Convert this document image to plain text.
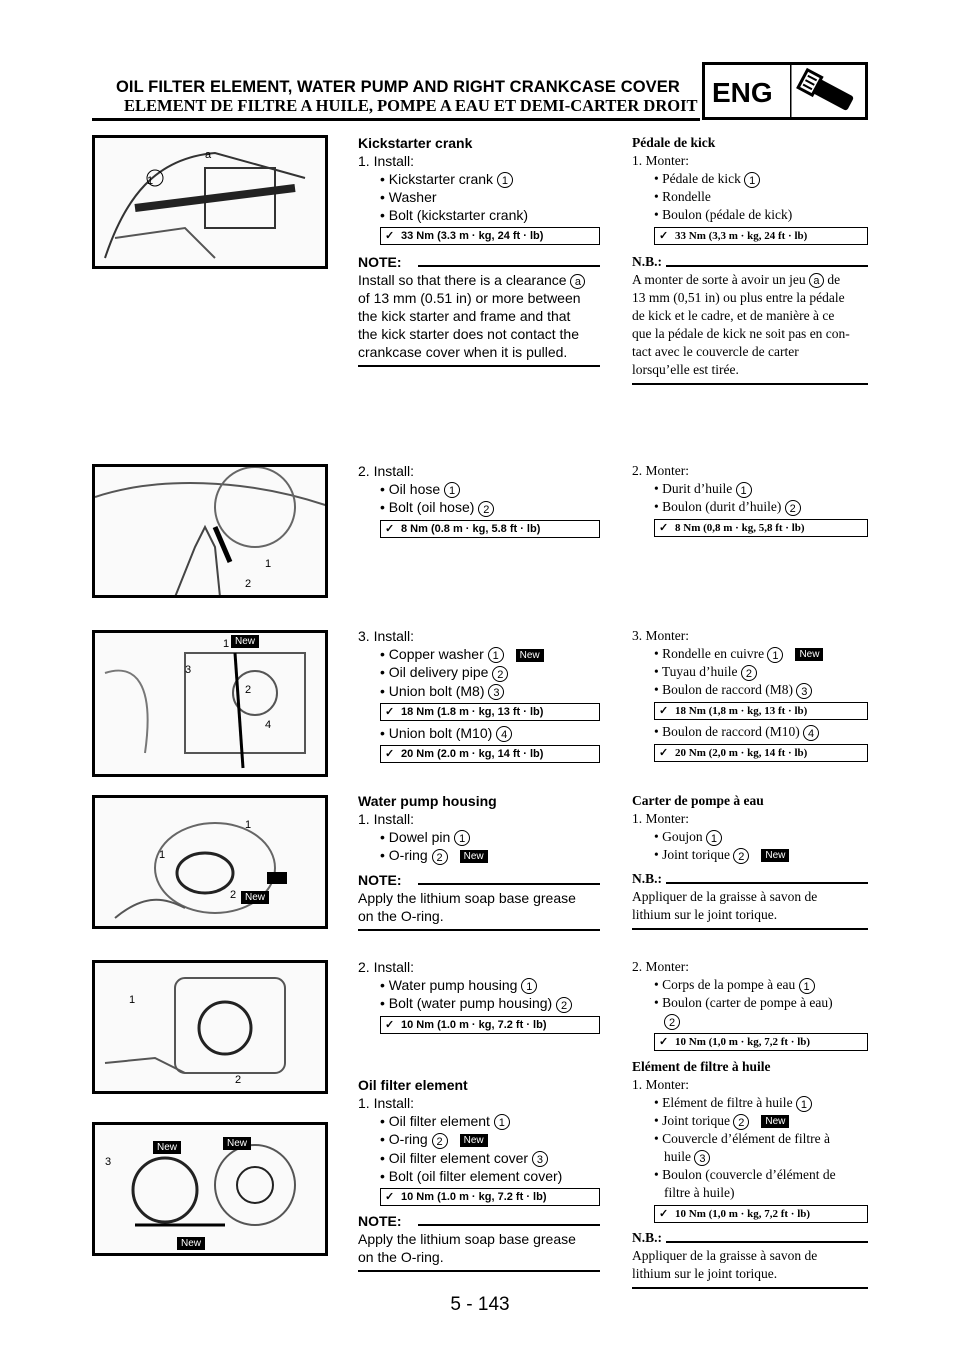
OIL FILTER ELEMENT, WATER PUMP AND RIGHT CRANKCASE COVER
ELEMENT DE FILTRE A HUILE, POMPE A EAU ET DEMI-CARTER DROIT ENG
1
a
1
2
3
2
4
1 New
1
1
2 New
1
2
3
New	New
New
Kickstarter crank
1. Install:
• Kickstarter crank 1
• Washer
• Bolt (kickstarter crank)
✓ 33 Nm (3.3 m · kg, 24 ft · lb)
NOTE:
Install so that there is a clearance a
of 13 mm (0.51 in) or more between
the kick starter and frame and that
the kick starter does not contact the
crankcase cover when it is pulled.
Pédale de kick
1. Monter:
• Pédale de kick 1
• Rondelle
• Boulon (pédale de kick)
✓ 33 Nm (3,3 m · kg, 24 ft · lb)
N.B.:
A monter de sorte à avoir un jeu a de
13 mm (0,51 in) ou plus entre la pédale
de kick et le cadre, et de manière à ce
que la pédale de kick ne soit pas en con-
tact avec le couvercle de carter
lorsqu’elle est tirée.
2. Install:
• Oil hose 1
• Bolt (oil hose) 2
✓ 8 Nm (0.8 m · kg, 5.8 ft · lb)
2. Monter:
• Durit d’huile 1
• Boulon (durit d’huile) 2
✓ 8 Nm (0,8 m · kg, 5,8 ft · lb)
3. Install:
• Copper washer 1 New
• Oil delivery pipe 2
• Union bolt (M8) 3
✓ 18 Nm (1.8 m · kg, 13 ft · lb)
• Union bolt (M10) 4
✓ 20 Nm (2.0 m · kg, 14 ft · lb)
3. Monter:
• Rondelle en cuivre 1 New
• Tuyau d’huile 2
• Boulon de raccord (M8) 3
✓ 18 Nm (1,8 m · kg, 13 ft · lb)
• Boulon de raccord (M10) 4
✓ 20 Nm (2,0 m · kg, 14 ft · lb)
Water pump housing
1. Install:
• Dowel pin 1
• O-ring 2 New
NOTE:
Apply the lithium soap base grease
on the O-ring.
Carter de pompe à eau
1. Monter:
• Goujon 1
• Joint torique 2 New
N.B.:
Appliquer de la graisse à savon de
lithium sur le joint torique.
2. Install:
• Water pump housing 1
• Bolt (water pump housing) 2
✓ 10 Nm (1.0 m · kg, 7.2 ft · lb)
2. Monter:
• Corps de la pompe à eau 1
• Boulon (carter de pompe à eau)
2
✓ 10 Nm (1,0 m · kg, 7,2 ft · lb)
Oil filter element
1. Install:
• Oil filter element 1
• O-ring 2 New
• Oil filter element cover 3
• Bolt (oil filter element cover)
✓ 10 Nm (1.0 m · kg, 7.2 ft · lb)
NOTE:
Apply the lithium soap base grease
on the O-ring.
Elément de filtre à huile
1. Monter:
• Elément de filtre à huile 1
• Joint torique 2 New
• Couvercle d’élément de filtre à
huile 3
• Boulon (couvercle d’élément de
filtre à huile)
✓ 10 Nm (1,0 m · kg, 7,2 ft · lb)
N.B.:
Appliquer de la graisse à savon de
lithium sur le joint torique.
5 - 143
